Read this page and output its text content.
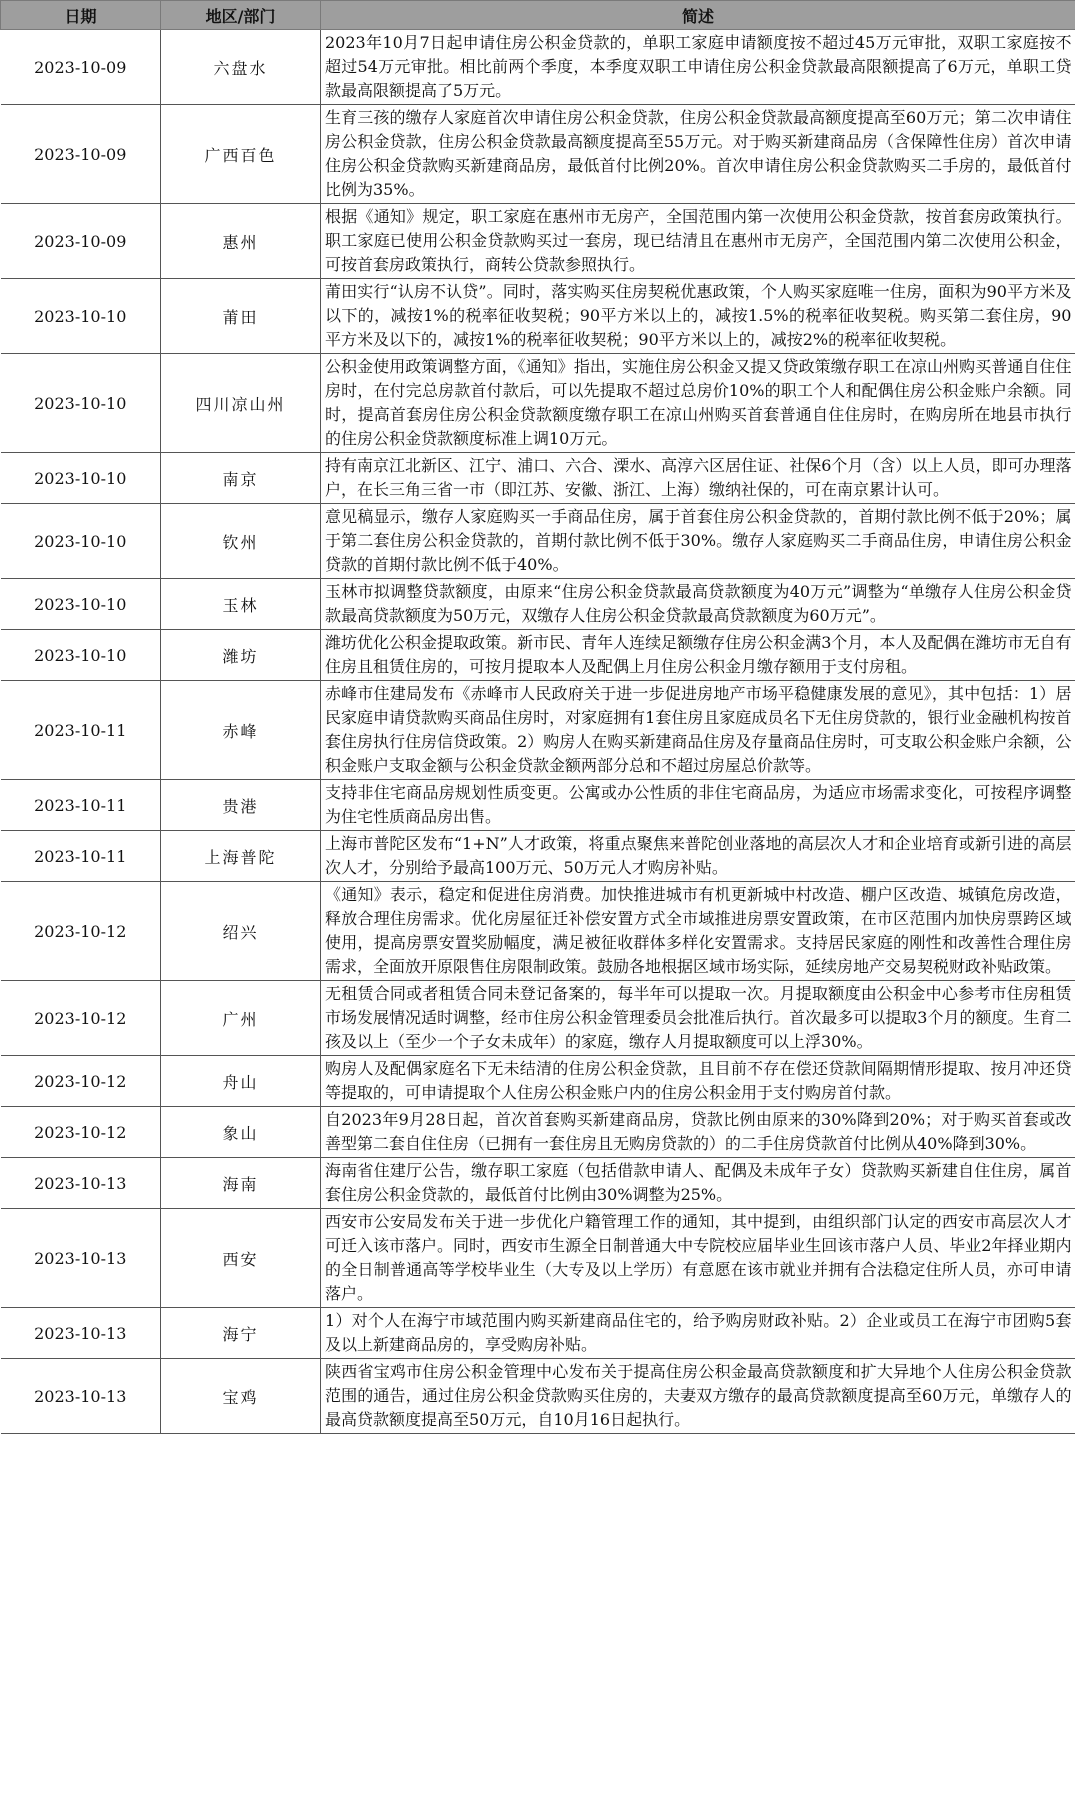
日期	地区/部门	简述
2023-10-09	六盘水	2023年10月7日起申请住房公积金贷款的，单职工家庭申请额度按不超过45万元审批，双职工家庭按不超过54万元审批。相比前两个季度，本季度双职工申请住房公积金贷款最高限额提高了6万元，单职工贷款最高限额提高了5万元。
2023-10-09	广西百色	生育三孩的缴存人家庭首次申请住房公积金贷款，住房公积金贷款最高额度提高至60万元；第二次申请住房公积金贷款，住房公积金贷款最高额度提高至55万元。对于购买新建商品房（含保障性住房）首次申请住房公积金贷款购买新建商品房，最低首付比例20%。首次申请住房公积金贷款购买二手房的，最低首付比例为35%。
2023-10-09	惠州	根据《通知》规定，职工家庭在惠州市无房产，全国范围内第一次使用公积金贷款，按首套房政策执行。职工家庭已使用公积金贷款购买过一套房，现已结清且在惠州市无房产，全国范围内第二次使用公积金，可按首套房政策执行，商转公贷款参照执行。
2023-10-10	莆田	莆田实行“认房不认贷”。同时，落实购买住房契税优惠政策，个人购买家庭唯一住房，面积为90平方米及以下的，减按1%的税率征收契税；90平方米以上的，减按1.5%的税率征收契税。购买第二套住房，90平方米及以下的，减按1%的税率征收契税；90平方米以上的，减按2%的税率征收契税。
2023-10-10	四川凉山州	公积金使用政策调整方面，《通知》指出，实施住房公积金又提又贷政策缴存职工在凉山州购买普通自住住房时，在付完总房款首付款后，可以先提取不超过总房价10%的职工个人和配偶住房公积金账户余额。同时，提高首套房住房公积金贷款额度缴存职工在凉山州购买首套普通自住住房时，在购房所在地县市执行的住房公积金贷款额度标准上调10万元。
2023-10-10	南京	持有南京江北新区、江宁、浦口、六合、溧水、高淳六区居住证、社保6个月（含）以上人员，即可办理落户，在长三角三省一市（即江苏、安徽、浙江、上海）缴纳社保的，可在南京累计认可。
2023-10-10	钦州	意见稿显示，缴存人家庭购买一手商品住房，属于首套住房公积金贷款的，首期付款比例不低于20%；属于第二套住房公积金贷款的，首期付款比例不低于30%。缴存人家庭购买二手商品住房，申请住房公积金贷款的首期付款比例不低于40%。
2023-10-10	玉林	玉林市拟调整贷款额度，由原来“住房公积金贷款最高贷款额度为40万元”调整为“单缴存人住房公积金贷款最高贷款额度为50万元，双缴存人住房公积金贷款最高贷款额度为60万元”。
2023-10-10	潍坊	潍坊优化公积金提取政策。新市民、青年人连续足额缴存住房公积金满3个月，本人及配偶在潍坊市无自有住房且租赁住房的，可按月提取本人及配偶上月住房公积金月缴存额用于支付房租。
2023-10-11	赤峰	赤峰市住建局发布《赤峰市人民政府关于进一步促进房地产市场平稳健康发展的意见》，其中包括：1）居民家庭申请贷款购买商品住房时，对家庭拥有1套住房且家庭成员名下无住房贷款的，银行业金融机构按首套住房执行住房信贷政策。2）购房人在购买新建商品住房及存量商品住房时，可支取公积金账户余额，公积金账户支取金额与公积金贷款金额两部分总和不超过房屋总价款等。
2023-10-11	贵港	支持非住宅商品房规划性质变更。公寓或办公性质的非住宅商品房，为适应市场需求变化，可按程序调整为住宅性质商品房出售。
2023-10-11	上海普陀	上海市普陀区发布“1+N”人才政策，将重点聚焦来普陀创业落地的高层次人才和企业培育或新引进的高层次人才，分别给予最高100万元、50万元人才购房补贴。
2023-10-12	绍兴	《通知》表示，稳定和促进住房消费。加快推进城市有机更新城中村改造、棚户区改造、城镇危房改造，释放合理住房需求。优化房屋征迁补偿安置方式全市域推进房票安置政策，在市区范围内加快房票跨区域使用，提高房票安置奖励幅度，满足被征收群体多样化安置需求。支持居民家庭的刚性和改善性合理住房需求，全面放开原限售住房限制政策。鼓励各地根据区域市场实际，延续房地产交易契税财政补贴政策。
2023-10-12	广州	无租赁合同或者租赁合同未登记备案的，每半年可以提取一次。月提取额度由公积金中心参考市住房租赁市场发展情况适时调整，经市住房公积金管理委员会批准后执行。首次最多可以提取3个月的额度。生育二孩及以上（至少一个子女未成年）的家庭，缴存人月提取额度可以上浮30%。
2023-10-12	舟山	购房人及配偶家庭名下无未结清的住房公积金贷款，且目前不存在偿还贷款间隔期情形提取、按月冲还贷等提取的，可申请提取个人住房公积金账户内的住房公积金用于支付购房首付款。
2023-10-12	象山	自2023年9月28日起，首次首套购买新建商品房，贷款比例由原来的30%降到20%；对于购买首套或改善型第二套自住住房（已拥有一套住房且无购房贷款的）的二手住房贷款首付比例从40%降到30%。
2023-10-13	海南	海南省住建厅公告，缴存职工家庭（包括借款申请人、配偶及未成年子女）贷款购买新建自住住房，属首套住房公积金贷款的，最低首付比例由30%调整为25%。
2023-10-13	西安	西安市公安局发布关于进一步优化户籍管理工作的通知，其中提到，由组织部门认定的西安市高层次人才可迁入该市落户。同时，西安市生源全日制普通大中专院校应届毕业生回该市落户人员、毕业2年择业期内的全日制普通高等学校毕业生（大专及以上学历）有意愿在该市就业并拥有合法稳定住所人员，亦可申请落户。
2023-10-13	海宁	1）对个人在海宁市域范围内购买新建商品住宅的，给予购房财政补贴。2）企业或员工在海宁市团购5套及以上新建商品房的，享受购房补贴。
2023-10-13	宝鸡	陕西省宝鸡市住房公积金管理中心发布关于提高住房公积金最高贷款额度和扩大异地个人住房公积金贷款范围的通告，通过住房公积金贷款购买住房的，夫妻双方缴存的最高贷款额度提高至60万元，单缴存人的最高贷款额度提高至50万元，自10月16日起执行。
